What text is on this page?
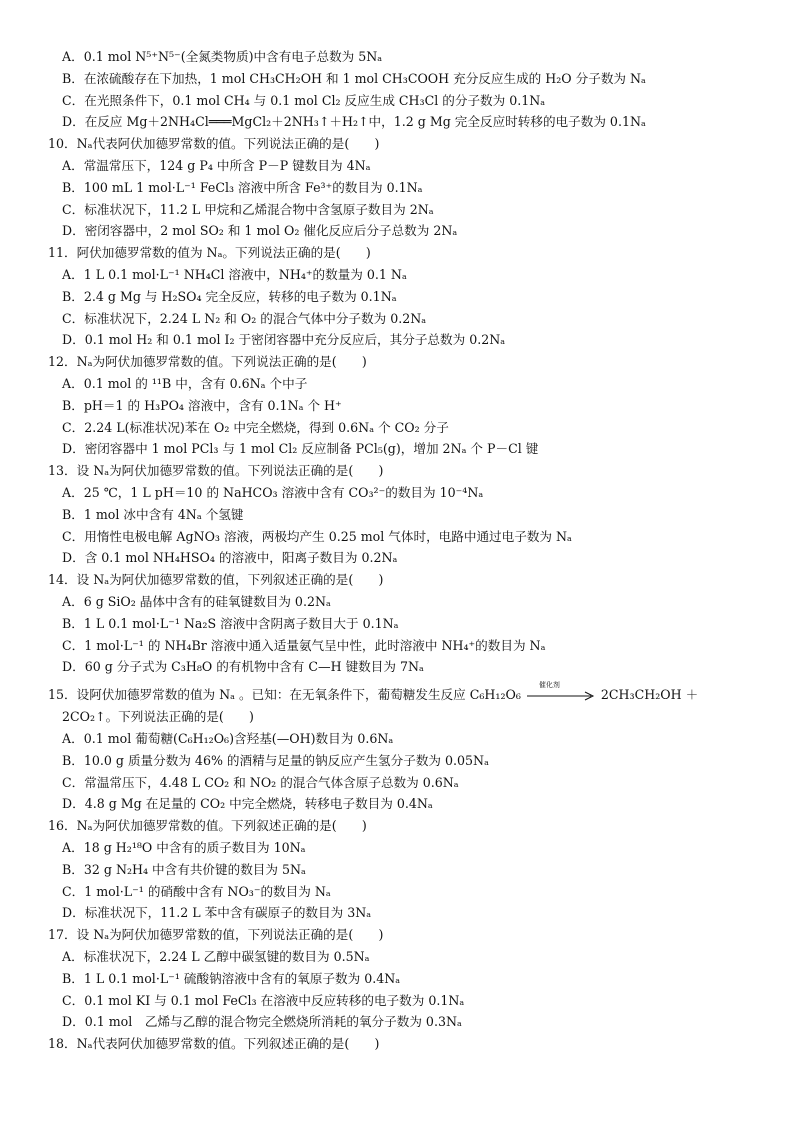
A．0.1 mol N⁵⁺N⁵⁻(全氮类物质)中含有电子总数为 5Nₐ
B．在浓硫酸存在下加热，1 mol CH₃CH₂OH 和 1 mol CH₃COOH 充分反应生成的 H₂O 分子数为 Nₐ
C．在光照条件下，0.1 mol CH₄ 与 0.1 mol Cl₂ 反应生成 CH₃Cl 的分子数为 0.1Nₐ
D．在反应 Mg＋2NH₄Cl═══MgCl₂＋2NH₃↑＋H₂↑中，1.2 g Mg 完全反应时转移的电子数为 0.1Nₐ
10．Nₐ代表阿伏加德罗常数的值。下列说法正确的是(　　)
A．常温常压下，124 g P₄ 中所含 P－P 键数目为 4Nₐ
B．100 mL 1 mol·L⁻¹ FeCl₃ 溶液中所含 Fe³⁺的数目为 0.1Nₐ
C．标准状况下，11.2 L 甲烷和乙烯混合物中含氢原子数目为 2Nₐ
D．密闭容器中，2 mol SO₂ 和 1 mol O₂ 催化反应后分子总数为 2Nₐ
11．阿伏加德罗常数的值为 Nₐ。下列说法正确的是(　　)
A．1 L 0.1 mol·L⁻¹ NH₄Cl 溶液中，NH₄⁺的数量为 0.1 Nₐ
B．2.4 g Mg 与 H₂SO₄ 完全反应，转移的电子数为 0.1Nₐ
C．标准状况下，2.24 L N₂ 和 O₂ 的混合气体中分子数为 0.2Nₐ
D．0.1 mol H₂ 和 0.1 mol I₂ 于密闭容器中充分反应后，其分子总数为 0.2Nₐ
12．Nₐ为阿伏加德罗常数的值。下列说法正确的是(　　)
A．0.1 mol 的 ¹¹B 中，含有 0.6Nₐ 个中子
B．pH＝1 的 H₃PO₄ 溶液中，含有 0.1Nₐ 个 H⁺
C．2.24 L(标准状况)苯在 O₂ 中完全燃烧，得到 0.6Nₐ 个 CO₂ 分子
D．密闭容器中 1 mol PCl₃ 与 1 mol Cl₂ 反应制备 PCl₅(g)，增加 2Nₐ 个 P－Cl 键
13．设 Nₐ为阿伏加德罗常数的值。下列说法正确的是(　　)
A．25 ℃，1 L pH＝10 的 NaHCO₃ 溶液中含有 CO₃²⁻的数目为 10⁻⁴Nₐ
B．1 mol 冰中含有 4Nₐ 个氢键
C．用惰性电极电解 AgNO₃ 溶液，两极均产生 0.25 mol 气体时，电路中通过电子数为 Nₐ
D．含 0.1 mol NH₄HSO₄ 的溶液中，阳离子数目为 0.2Nₐ
14．设 Nₐ为阿伏加德罗常数的值，下列叙述正确的是(　　)
A．6 g SiO₂ 晶体中含有的硅氧键数目为 0.2Nₐ
B．1 L 0.1 mol·L⁻¹ Na₂S 溶液中含阴离子数目大于 0.1Nₐ
C．1 mol·L⁻¹ 的 NH₄Br 溶液中通入适量氨气呈中性，此时溶液中 NH₄⁺的数目为 Nₐ
D．60 g 分子式为 C₃H₈O 的有机物中含有 C—H 键数目为 7Nₐ
15．设阿伏加德罗常数的值为 Nₐ 。已知：在无氧条件下，葡萄糖发生反应 C₆H₁₂O₆
催化剂
2CH₃CH₂OH ＋
2CO₂↑。下列说法正确的是(　　)
A．0.1 mol 葡萄糖(C₆H₁₂O₆)含羟基(—OH)数目为 0.6Nₐ
B．10.0 g 质量分数为 46% 的酒精与足量的钠反应产生氢分子数为 0.05Nₐ
C．常温常压下，4.48 L CO₂ 和 NO₂ 的混合气体含原子总数为 0.6Nₐ
D．4.8 g Mg 在足量的 CO₂ 中完全燃烧，转移电子数目为 0.4Nₐ
16．Nₐ为阿伏加德罗常数的值。下列叙述正确的是(　　)
A．18 g H₂¹⁸O 中含有的质子数目为 10Nₐ
B．32 g N₂H₄ 中含有共价键的数目为 5Nₐ
C．1 mol·L⁻¹ 的硝酸中含有 NO₃⁻的数目为 Nₐ
D．标准状况下，11.2 L 苯中含有碳原子的数目为 3Nₐ
17．设 Nₐ为阿伏加德罗常数的值，下列说法正确的是(　　)
A．标准状况下，2.24 L 乙醇中碳氢键的数目为 0.5Nₐ
B．1 L 0.1 mol·L⁻¹ 硫酸钠溶液中含有的氧原子数为 0.4Nₐ
C．0.1 mol KI 与 0.1 mol FeCl₃ 在溶液中反应转移的电子数为 0.1Nₐ
D．0.1 mol　乙烯与乙醇的混合物完全燃烧所消耗的氧分子数为 0.3Nₐ
18．Nₐ代表阿伏加德罗常数的值。下列叙述正确的是(　　)
